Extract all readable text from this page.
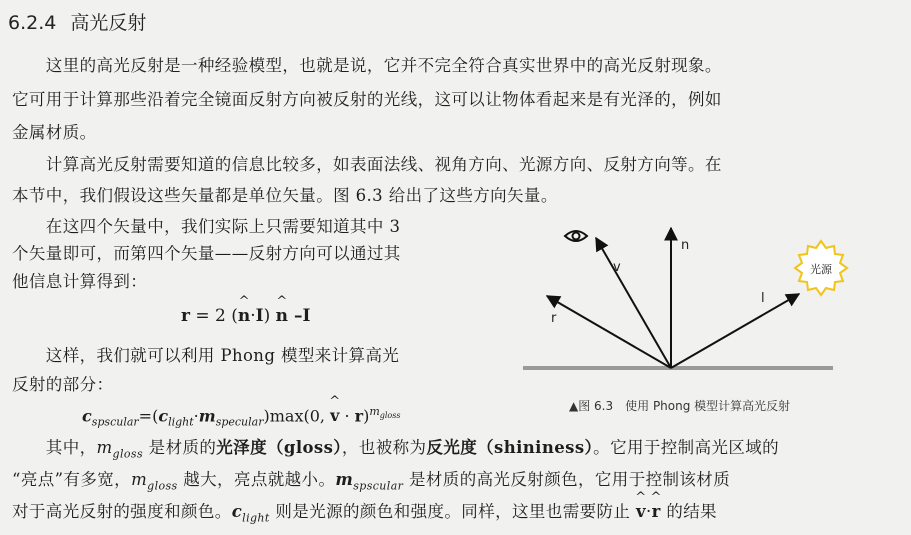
6.2.4 高光反射
　　这里的高光反射是一种经验模型，也就是说，它并不完全符合真实世界中的高光反射现象。
它可用于计算那些沿着完全镜面反射方向被反射的光线，这可以让物体看起来是有光泽的，例如
金属材质。
　　计算高光反射需要知道的信息比较多，如表面法线、视角方向、光源方向、反射方向等。在
本节中，我们假设这些矢量都是单位矢量。图 6.3 给出了这些方向矢量。
　　在这四个矢量中，我们实际上只需要知道其中 3
个矢量即可，而第四个矢量——反射方向可以通过其
他信息计算得到：
r = 2 (^ n·I) ^ n –I
　　这样，我们就可以利用 Phong 模型来计算高光
反射的部分：
$c_{spscular}=(c_{light}\cdot m_{specular})\max(0$, ^ v · r)$^{m_{gloss}}$
　　其中，$m_{gloss}$ 是材质的光泽度（gloss），也被称为反光度（shininess）。它用于控制高光区域的
“亮点”有多宽，$m_{gloss}$ 越大，亮点就越小。$m_{spscular}$ 是材质的高光反射颜色，它用于控制该材质
对于高光反射的强度和颜色。$c_{light}$ 则是光源的颜色和强度。同样，这里也需要防止 ^ v·^ r 的结果
n
v
l
r
光源
▲图 6.3　使用 Phong 模型计算高光反射
